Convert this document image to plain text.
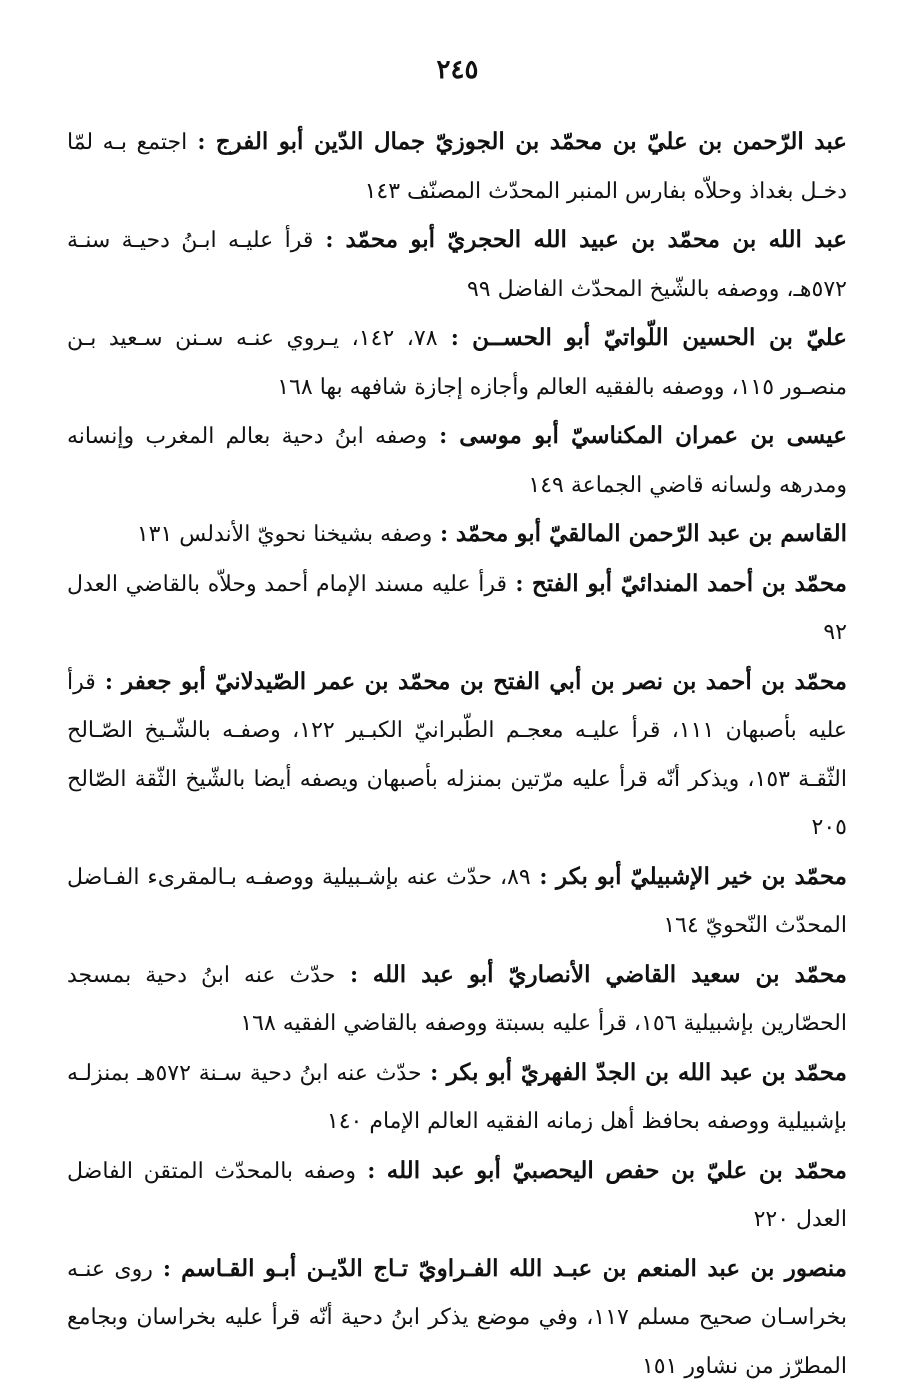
٢٤٥

عبد الرّحمن بن عليّ بن محمّد بن الجوزيّ جمال الدّين أبو الفرج : اجتمع بـه لمّا دخـل بغداذ وحلاّه بفارس المنبر المحدّث المصنّف ١٤٣

عبد الله بن محمّد بن عبيد الله الحجريّ أبو محمّد : قرأ عليـه ابـنُ دحيـة سنـة ٥٧٢هـ، ووصفه بالشّيخ المحدّث الفاضل ٩٩

عليّ بن الحسين اللّواتيّ أبو الحســن : ٧٨، ١٤٢، يـروي عنـه سـنن سـعيد بـن منصـور ١١٥، ووصفه بالفقيه العالم وأجازه إجازة شافهه بها ١٦٨

عيسى بن عمران المكناسيّ أبو موسى : وصفه ابنُ دحية بعالم المغرب وإنسانه ومدرهه ولسانه قاضي الجماعة ١٤٩

القاسم بن عبد الرّحمن المالقيّ أبو محمّد : وصفه بشيخنا نحويّ الأندلس ١٣١

محمّد بن أحمد المندائيّ أبو الفتح : قرأ عليه مسند الإمام أحمد وحلاّه بالقاضي العدل ٩٢

محمّد بن أحمد بن نصر بن أبي الفتح بن محمّد بن عمر الصّيدلانيّ أبو جعفر : قرأ عليه بأصبهان ١١١، قرأ عليـه معجـم الطّبرانيّ الكبـير ١٢٢، وصفـه بالشّـيخ الصّـالح الثّقـة ١٥٣، ويذكر أنّه قرأ عليه مرّتين بمنزله بأصبهان ويصفه أيضا بالشّيخ الثّقة الصّالح ٢٠٥

محمّد بن خير الإشبيليّ أبو بكر : ٨٩، حدّث عنه بإشـبيلية ووصفـه بـالمقرىء الفـاضل المحدّث النّحويّ ١٦٤

محمّد بن سعيد القاضي الأنصاريّ أبو عبد الله : حدّث عنه ابنُ دحية بمسجد الحصّارين بإشبيلية ١٥٦، قرأ عليه بسبتة ووصفه بالقاضي الفقيه ١٦٨

محمّد بن عبد الله بن الجدّ الفهريّ أبو بكر : حدّث عنه ابنُ دحية سـنة ٥٧٢هـ بمنزلـه بإشبيلية ووصفه بحافظ أهل زمانه الفقيه العالم الإمام ١٤٠

محمّد بن عليّ بن حفص اليحصبيّ أبو عبد الله : وصفه بالمحدّث المتقن الفاضل العدل ٢٢٠

منصور بن عبد المنعم بن عبـد الله الفـراويّ تـاج الدّيـن أبـو القـاسم : روى عنـه بخراسـان صحيح مسلم ١١٧، وفي موضع يذكر ابنُ دحية أنّه قرأ عليه بخراسان وبجامع المطرّز من نشاور ١٥١
